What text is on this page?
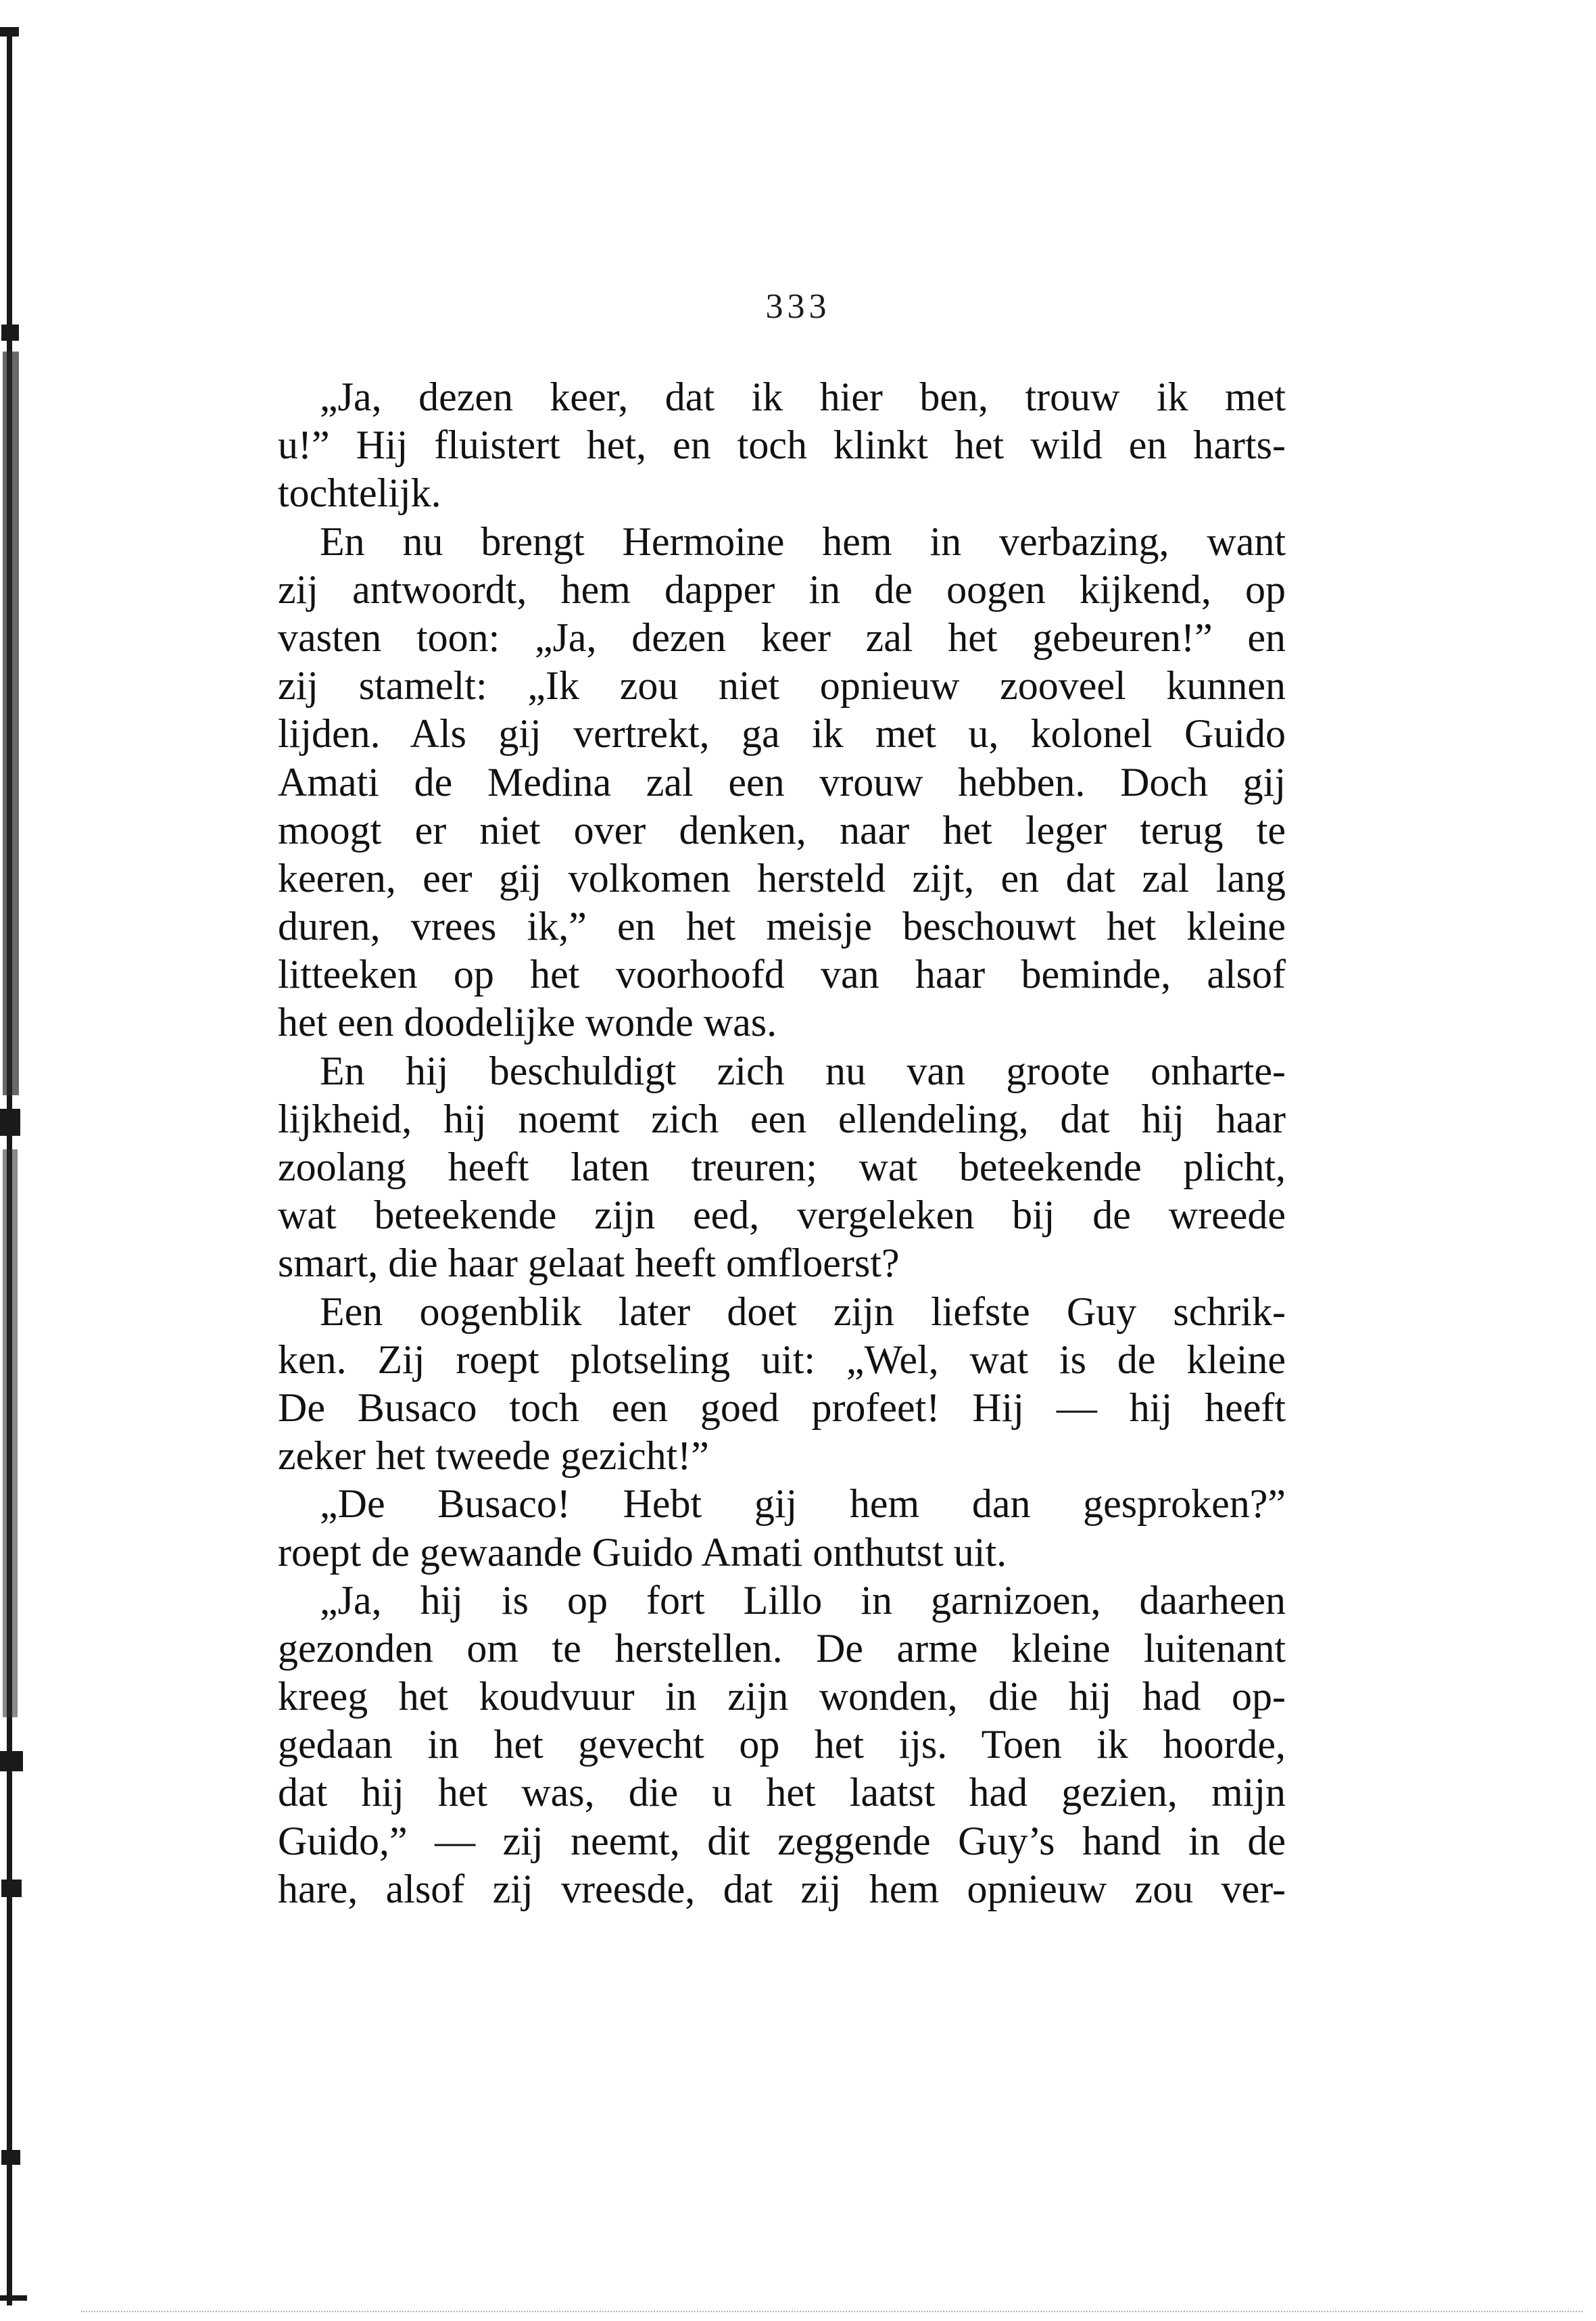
333
„Ja, dezen keer, dat ik hier ben, trouw ik met
u!” Hij fluistert het, en toch klinkt het wild en harts-
tochtelijk.
En nu brengt Hermoine hem in verbazing, want
zij antwoordt, hem dapper in de oogen kijkend, op
vasten toon: „Ja, dezen keer zal het gebeuren!” en
zij stamelt: „Ik zou niet opnieuw zooveel kunnen
lijden. Als gij vertrekt, ga ik met u, kolonel Guido
Amati de Medina zal een vrouw hebben. Doch gij
moogt er niet over denken, naar het leger terug te
keeren, eer gij volkomen hersteld zijt, en dat zal lang
duren, vrees ik,” en het meisje beschouwt het kleine
litteeken op het voorhoofd van haar beminde, alsof
het een doodelijke wonde was.
En hij beschuldigt zich nu van groote onharte-
lijkheid, hij noemt zich een ellendeling, dat hij haar
zoolang heeft laten treuren; wat beteekende plicht,
wat beteekende zijn eed, vergeleken bij de wreede
smart, die haar gelaat heeft omfloerst?
Een oogenblik later doet zijn liefste Guy schrik-
ken. Zij roept plotseling uit: „Wel, wat is de kleine
De Busaco toch een goed profeet! Hij — hij heeft
zeker het tweede gezicht!”
„De Busaco! Hebt gij hem dan gesproken?”
roept de gewaande Guido Amati onthutst uit.
„Ja, hij is op fort Lillo in garnizoen, daarheen
gezonden om te herstellen. De arme kleine luitenant
kreeg het koudvuur in zijn wonden, die hij had op-
gedaan in het gevecht op het ijs. Toen ik hoorde,
dat hij het was, die u het laatst had gezien, mijn
Guido,” — zij neemt, dit zeggende Guy’s hand in de
hare, alsof zij vreesde, dat zij hem opnieuw zou ver-
